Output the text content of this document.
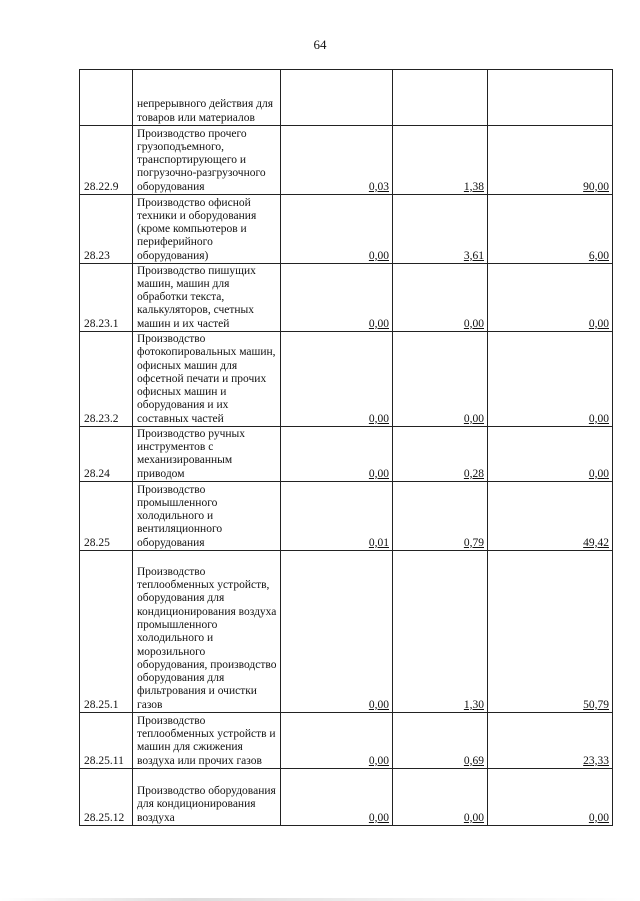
64

	непрерывного действия для товаров или материалов			

28.22.9	Производство прочего грузоподъемного, транспортирующего и погрузочно-разгрузочного оборудования	0,03	1,38	90,00
28.23	Производство офисной техники и оборудования (кроме компьютеров и периферийного оборудования)	0,00	3,61	6,00
28.23.1	Производство пишущих машин, машин для обработки текста, калькуляторов, счетных машин и их частей	0,00	0,00	0,00
28.23.2	Производство фотокопировальных машин, офисных машин для офсетной печати и прочих офисных машин и оборудования и их составных частей	0,00	0,00	0,00
28.24	Производство ручных инструментов с механизированным приводом	0,00	0,28	0,00
28.25	Производство промышленного холодильного и вентиляционного оборудования	0,01	0,79	49,42
28.25.1	Производство теплообменных устройств, оборудования для кондиционирования воздуха промышленного холодильного и морозильного оборудования, производство оборудования для фильтрования и очистки газов	0,00	1,30	50,79
28.25.11	Производство теплообменных устройств и машин для сжижения воздуха или прочих газов	0,00	0,69	23,33
28.25.12	Производство оборудования для кондиционирования воздуха	0,00	0,00	0,00
